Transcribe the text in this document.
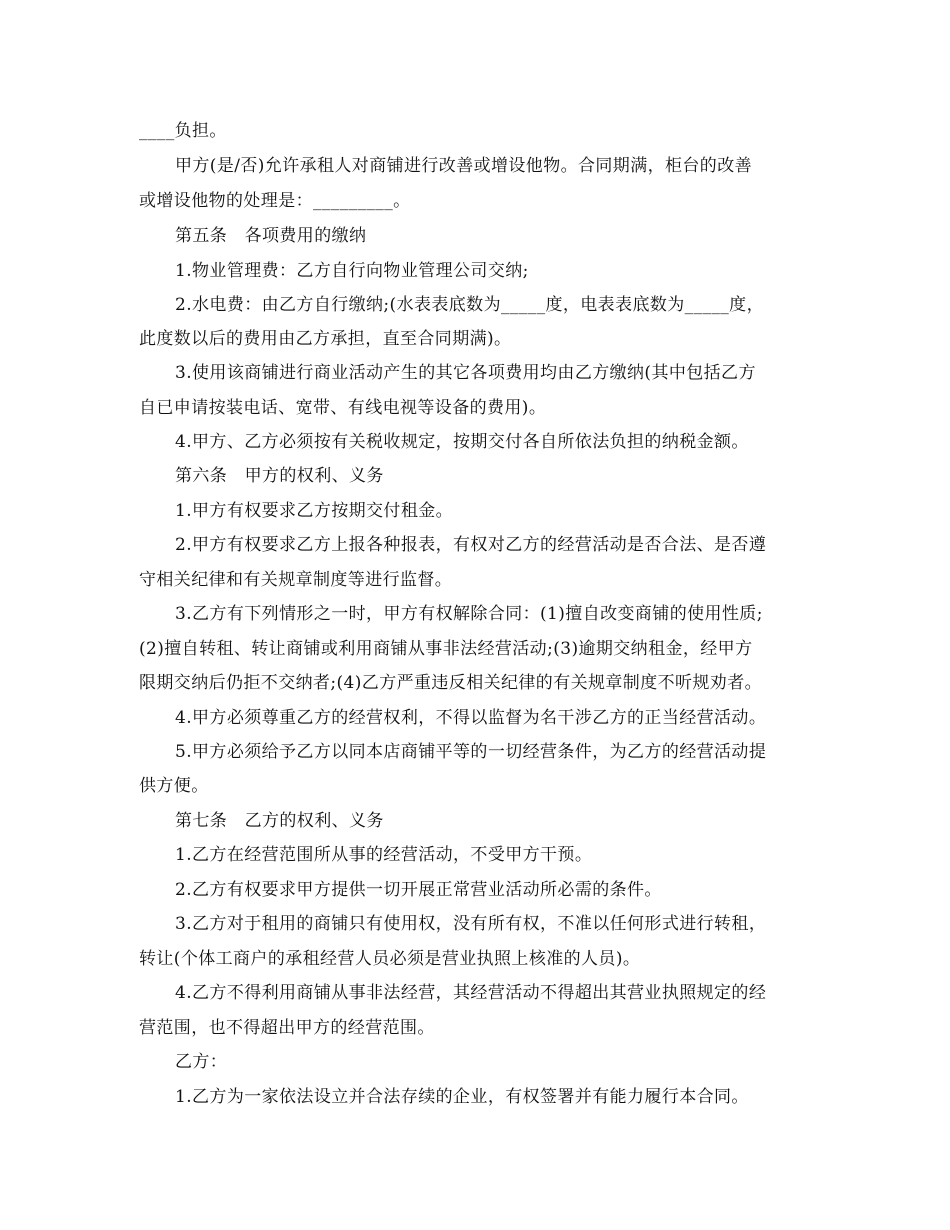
____负担。
甲方(是/否)允许承租人对商铺进行改善或增设他物。合同期满，柜台的改善
或增设他物的处理是：_________。
第五条　各项费用的缴纳
1.物业管理费：乙方自行向物业管理公司交纳;
2.水电费：由乙方自行缴纳;(水表表底数为_____度，电表表底数为_____度，
此度数以后的费用由乙方承担，直至合同期满)。
3.使用该商铺进行商业活动产生的其它各项费用均由乙方缴纳(其中包括乙方
自已申请按装电话、宽带、有线电视等设备的费用)。
4.甲方、乙方必须按有关税收规定，按期交付各自所依法负担的纳税金额。
第六条　甲方的权利、义务
1.甲方有权要求乙方按期交付租金。
2.甲方有权要求乙方上报各种报表，有权对乙方的经营活动是否合法、是否遵
守相关纪律和有关规章制度等进行监督。
3.乙方有下列情形之一时，甲方有权解除合同：(1)擅自改变商铺的使用性质;
(2)擅自转租、转让商铺或利用商铺从事非法经营活动;(3)逾期交纳租金，经甲方
限期交纳后仍拒不交纳者;(4)乙方严重违反相关纪律的有关规章制度不听规劝者。
4.甲方必须尊重乙方的经营权利，不得以监督为名干涉乙方的正当经营活动。
5.甲方必须给予乙方以同本店商铺平等的一切经营条件，为乙方的经营活动提
供方便。
第七条　乙方的权利、义务
1.乙方在经营范围所从事的经营活动，不受甲方干预。
2.乙方有权要求甲方提供一切开展正常营业活动所必需的条件。
3.乙方对于租用的商铺只有使用权，没有所有权，不准以任何形式进行转租，
转让(个体工商户的承租经营人员必须是营业执照上核准的人员)。
4.乙方不得利用商铺从事非法经营，其经营活动不得超出其营业执照规定的经
营范围，也不得超出甲方的经营范围。
乙方：
1.乙方为一家依法设立并合法存续的企业，有权签署并有能力履行本合同。
